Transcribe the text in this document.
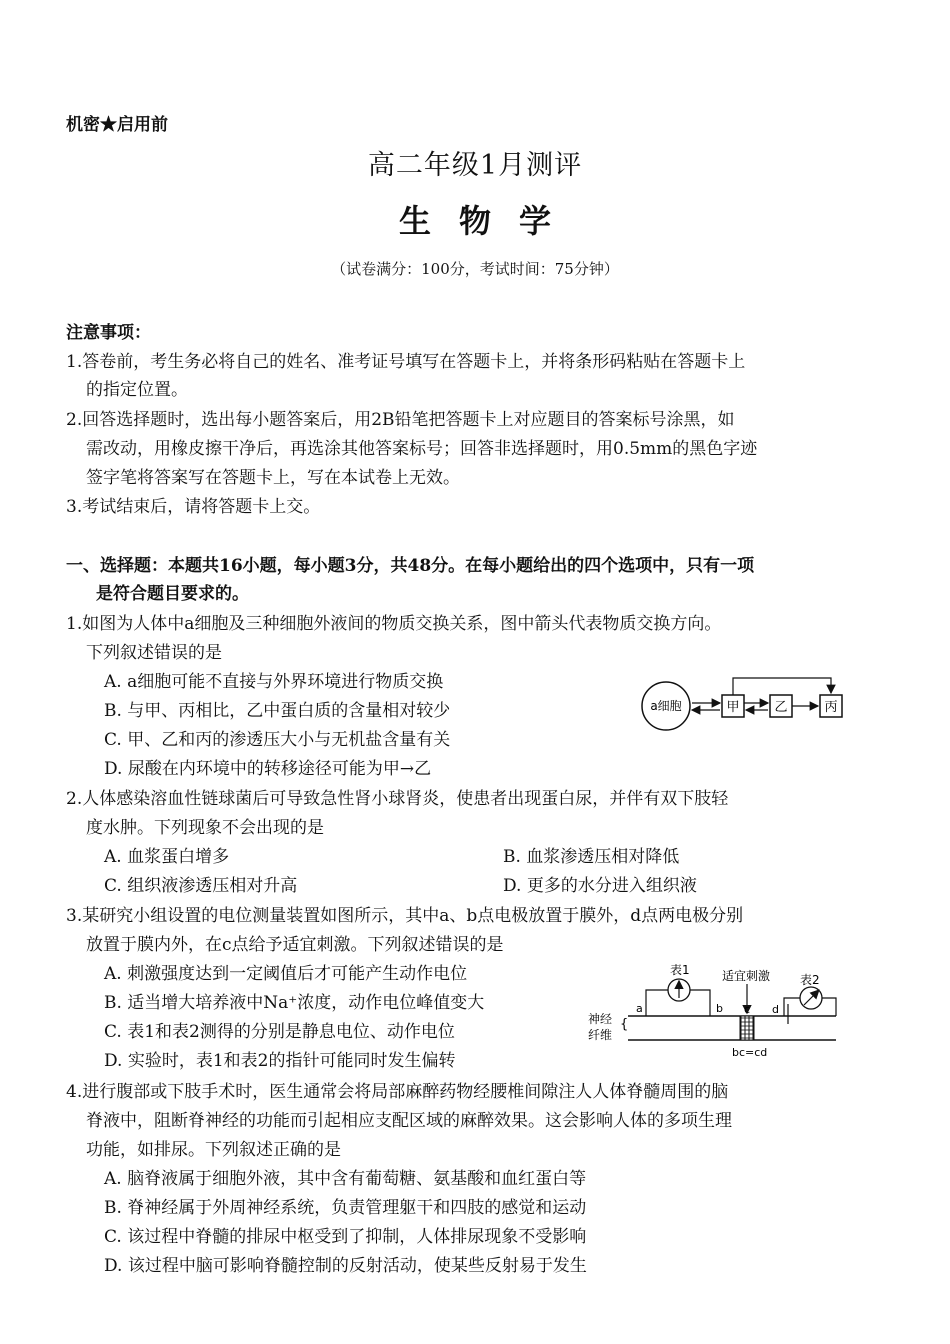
机密★启用前
高二年级1月测评
生物学
（试卷满分：100分，考试时间：75分钟）
注意事项：
1.答卷前，考生务必将自己的姓名、准考证号填写在答题卡上，并将条形码粘贴在答题卡上
的指定位置。
2.回答选择题时，选出每小题答案后，用2B铅笔把答题卡上对应题目的答案标号涂黑，如
需改动，用橡皮擦干净后，再选涂其他答案标号；回答非选择题时，用0.5mm的黑色字迹
签字笔将答案写在答题卡上，写在本试卷上无效。
3.考试结束后，请将答题卡上交。
一、选择题：本题共16小题，每小题3分，共48分。在每小题给出的四个选项中，只有一项
是符合题目要求的。
1.如图为人体中a细胞及三种细胞外液间的物质交换关系，图中箭头代表物质交换方向。
下列叙述错误的是
A. a细胞可能不直接与外界环境进行物质交换
B. 与甲、丙相比，乙中蛋白质的含量相对较少
C. 甲、乙和丙的渗透压大小与无机盐含量有关
D. 尿酸在内环境中的转移途径可能为甲→乙
a细胞	甲	乙	丙
2.人体感染溶血性链球菌后可导致急性肾小球肾炎，使患者出现蛋白尿，并伴有双下肢轻
度水肿。下列现象不会出现的是
A. 血浆蛋白增多	B. 血浆渗透压相对降低
C. 组织液渗透压相对升高	D. 更多的水分进入组织液
3.某研究小组设置的电位测量装置如图所示，其中a、b点电极放置于膜外，d点两电极分别
放置于膜内外，在c点给予适宜刺激。下列叙述错误的是
A. 刺激强度达到一定阈值后才可能产生动作电位
B. 适当增大培养液中Na⁺浓度，动作电位峰值变大
C. 表1和表2测得的分别是静息电位、动作电位
D. 实验时，表1和表2的指针可能同时发生偏转
神经
纤维
{
表1
a	b
适宜刺激
c d
表2
bc=cd
4.进行腹部或下肢手术时，医生通常会将局部麻醉药物经腰椎间隙注人人体脊髓周围的脑
脊液中，阻断脊神经的功能而引起相应支配区域的麻醉效果。这会影响人体的多项生理
功能，如排尿。下列叙述正确的是
A. 脑脊液属于细胞外液，其中含有葡萄糖、氨基酸和血红蛋白等
B. 脊神经属于外周神经系统，负责管理躯干和四肢的感觉和运动
C. 该过程中脊髓的排尿中枢受到了抑制，人体排尿现象不受影响
D. 该过程中脑可影响脊髓控制的反射活动，使某些反射易于发生
